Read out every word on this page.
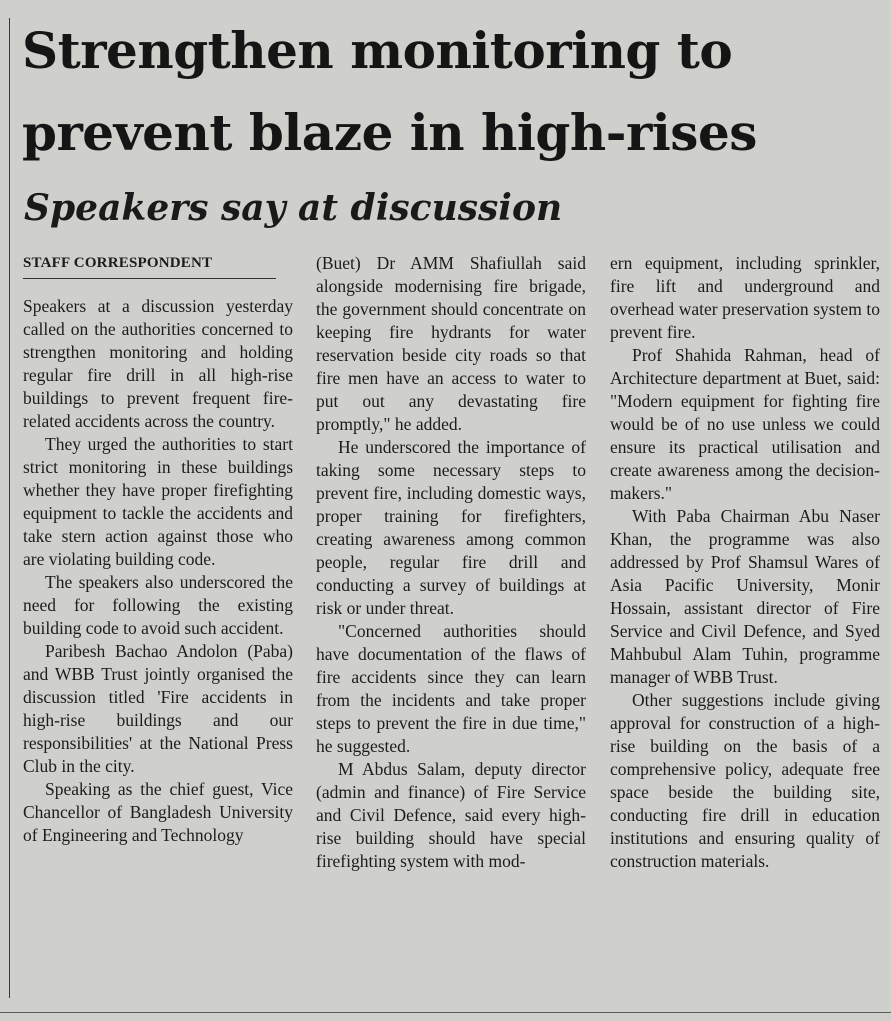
Strengthen monitoring to
prevent blaze in high-rises
Speakers say at discussion
STAFF CORRESPONDENT

Speakers at a discussion yesterday called on the authorities concerned to strengthen monitoring and holding regular fire drill in all high-rise buildings to prevent frequent fire-related accidents across the country.

They urged the authorities to start strict monitoring in these buildings whether they have proper firefighting equipment to tackle the accidents and take stern action against those who are violating building code.

The speakers also underscored the need for following the existing building code to avoid such accident.

Paribesh Bachao Andolon (Paba) and WBB Trust jointly organised the discussion titled 'Fire accidents in high-rise buildings and our responsibilities' at the National Press Club in the city.

Speaking as the chief guest, Vice Chancellor of Bangladesh University of Engineering and Technology

(Buet) Dr AMM Shafiullah said alongside modernising fire brigade, the government should concentrate on keeping fire hydrants for water reservation beside city roads so that fire men have an access to water to put out any devastating fire promptly," he added.

He underscored the importance of taking some necessary steps to prevent fire, including domestic ways, proper training for firefighters, creating awareness among common people, regular fire drill and conducting a survey of buildings at risk or under threat.

"Concerned authorities should have documentation of the flaws of fire accidents since they can learn from the incidents and take proper steps to prevent the fire in due time," he suggested.

M Abdus Salam, deputy director (admin and finance) of Fire Service and Civil Defence, said every high-rise building should have special firefighting system with mod-

ern equipment, including sprinkler, fire lift and underground and overhead water preservation system to prevent fire.

Prof Shahida Rahman, head of Architecture department at Buet, said: "Modern equipment for fighting fire would be of no use unless we could ensure its practical utilisation and create awareness among the decision-makers."

With Paba Chairman Abu Naser Khan, the programme was also addressed by Prof Shamsul Wares of Asia Pacific University, Monir Hossain, assistant director of Fire Service and Civil Defence, and Syed Mahbubul Alam Tuhin, programme manager of WBB Trust.

Other suggestions include giving approval for construction of a high-rise building on the basis of a comprehensive policy, adequate free space beside the building site, conducting fire drill in education institutions and ensuring quality of construction materials.
